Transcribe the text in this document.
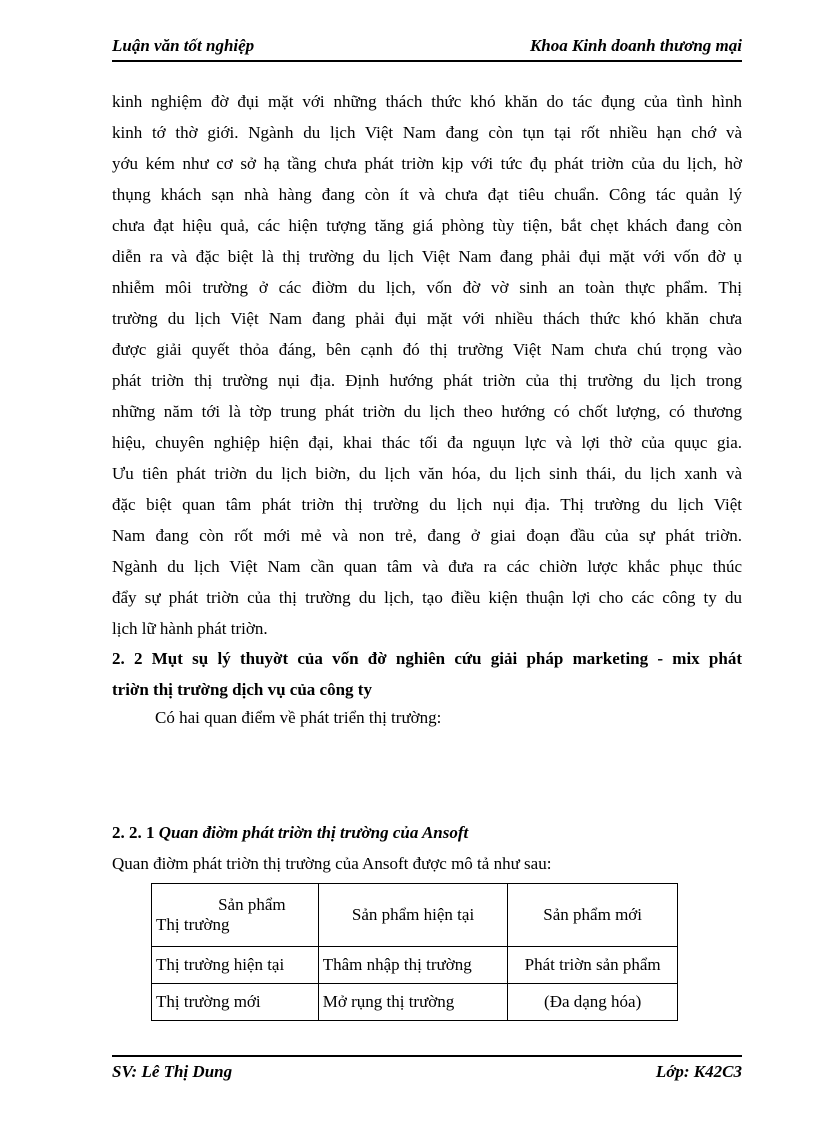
Luận văn tốt nghiệp	Khoa Kinh doanh thương mại
kinh nghiệm đờ đụi mặt với những thách thức khó khăn do tác đụng của tình hình
kinh tớ thờ giới. Ngành du lịch Việt Nam đang còn tụn tại rốt nhiều hạn chớ và
yớu kém như cơ sở hạ tầng chưa phát triờn kịp với tức đụ phát triờn của du lịch, hờ
thụng khách sạn nhà hàng đang còn ít và chưa đạt tiêu chuẩn. Công tác quản lý
chưa đạt hiệu quả, các hiện tượng tăng giá phòng tùy tiện, bắt chẹt khách đang còn
diễn ra và đặc biệt là thị trường du lịch Việt Nam đang phải đụi mặt với vốn đờ ụ
nhiễm môi trường ở các điờm du lịch, vốn đờ vờ sinh an toàn thực phẩm. Thị
trường du lịch Việt Nam đang phải đụi mặt với nhiều thách thức khó khăn chưa
được giải quyết thỏa đáng, bên cạnh đó thị trường Việt Nam chưa chú trọng vào
phát triờn thị trường nụi địa. Định hướng phát triờn của thị trường du lịch trong
những năm tới là tờp trung phát triờn du lịch theo hướng có chốt lượng, có thương
hiệu, chuyên nghiệp hiện đại, khai thác tối đa nguụn lực và lợi thờ của quục gia.
Ưu tiên phát triờn du lịch biờn, du lịch văn hóa, du lịch sinh thái, du lịch xanh và
đặc biệt quan tâm phát triờn thị trường du lịch nụi địa. Thị trường du lịch Việt
Nam đang còn rốt mới mẻ và non trẻ, đang ở giai đoạn đầu của sự phát triờn.
Ngành du lịch Việt Nam cần quan tâm và đưa ra các chiờn lược khắc phục thúc
đẩy sự phát triờn của thị trường du lịch, tạo điều kiện thuận lợi cho các công ty du
lịch lữ hành phát triờn.
2. 2 Mụt sụ lý thuyờt của vốn đờ nghiên cứu giải pháp marketing - mix phát
triờn thị trường dịch vụ của công ty
Có hai quan điểm về phát triển thị trường:
2. 2. 1 Quan điờm phát triờn thị trường của Ansoft
Quan điờm phát triờn thị trường của Ansoft được mô tả như sau:
Sản phẩm
Thị trường	Sản phẩm hiện tại	Sản phẩm mới
Thị trường hiện tại	Thâm nhập thị trường	Phát triờn sản phẩm
Thị trường mới	Mở rụng thị trường	(Đa dạng hóa)
SV: Lê Thị Dung	Lớp: K42C3
